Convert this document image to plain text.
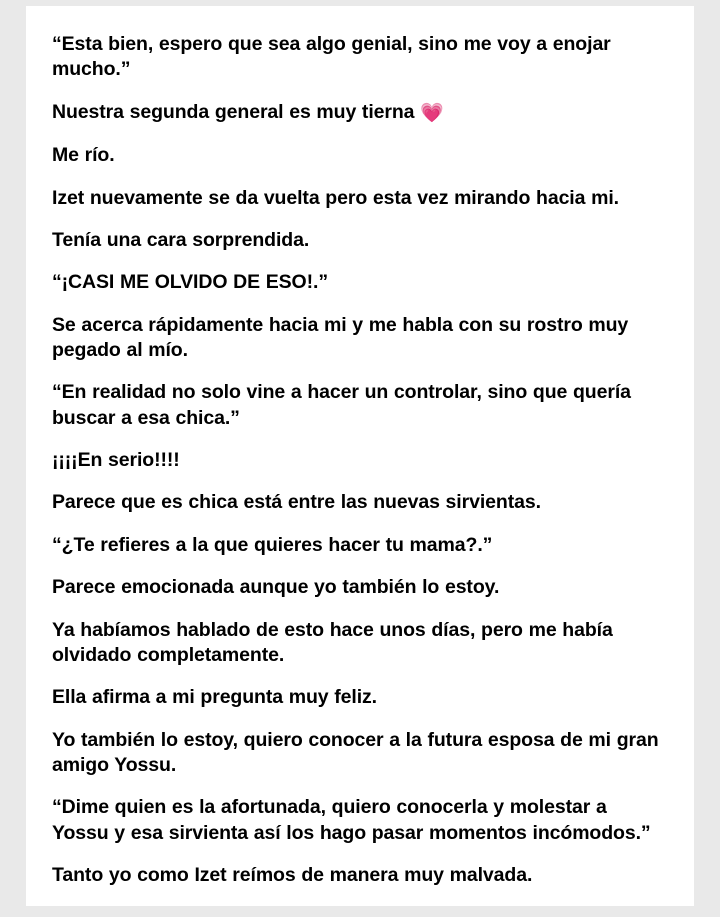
“Esta bien, espero que sea algo genial, sino me voy a enojar mucho.”

Nuestra segunda general es muy tierna 💗

Me río.

Izet nuevamente se da vuelta pero esta vez mirando hacia mi.

Tenía una cara sorprendida.

“¡CASI ME OLVIDO DE ESO!.”

Se acerca rápidamente hacia mi y me habla con su rostro muy pegado al mío.

“En realidad no solo vine a hacer un controlar, sino que quería buscar a esa chica.”

¡¡¡¡En serio!!!!

Parece que es chica está entre las nuevas sirvientas.

“¿Te refieres a la que quieres hacer tu mama?.”

Parece emocionada aunque yo también lo estoy.

Ya habíamos hablado de esto hace unos días, pero me había olvidado completamente.

Ella afirma a mi pregunta muy feliz.

Yo también lo estoy, quiero conocer a la futura esposa de mi gran amigo Yossu.

“Dime quien es la afortunada, quiero conocerla y molestar a Yossu y esa sirvienta así los hago pasar momentos incómodos.”

Tanto yo como Izet reímos de manera muy malvada.
